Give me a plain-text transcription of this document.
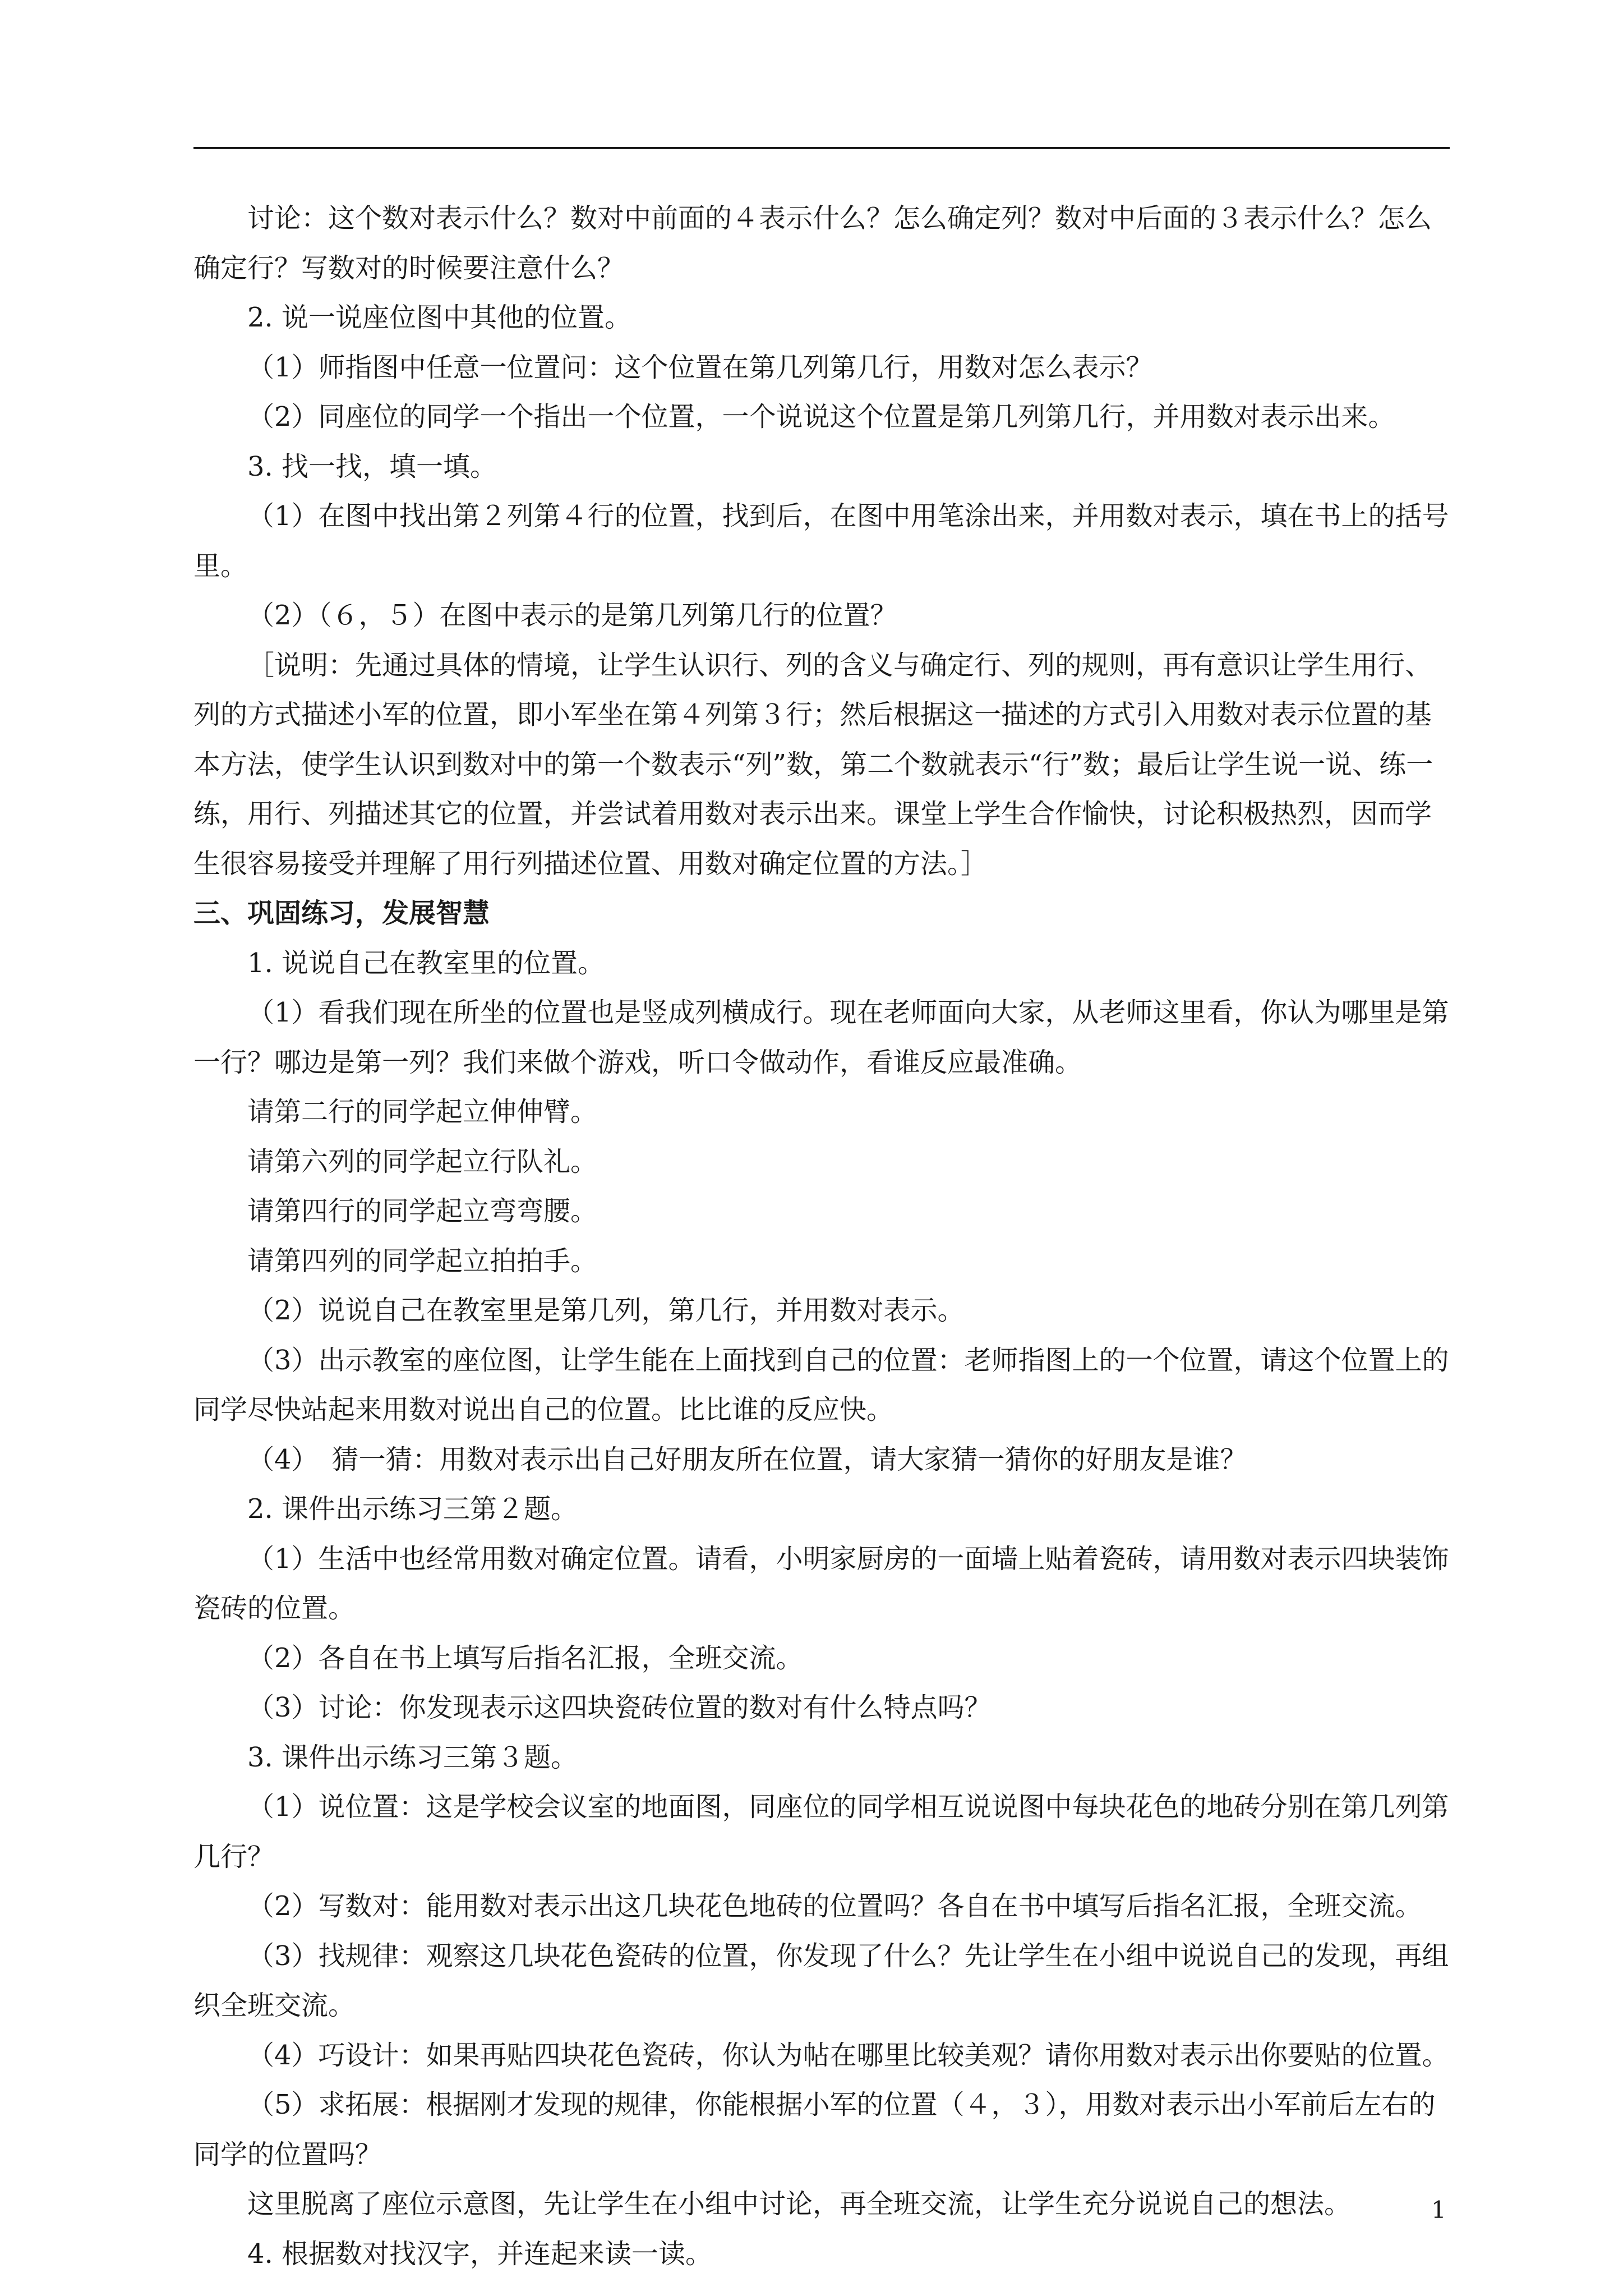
讨论：这个数对表示什么？数对中前面的４表示什么？怎么确定列？数对中后面的３表示什么？怎么确定行？写数对的时候要注意什么？

2. 说一说座位图中其他的位置。

（1）师指图中任意一位置问：这个位置在第几列第几行，用数对怎么表示？

（2）同座位的同学一个指出一个位置，一个说说这个位置是第几列第几行，并用数对表示出来。

3. 找一找，填一填。

（1）在图中找出第２列第４行的位置，找到后，在图中用笔涂出来，并用数对表示，填在书上的括号里。

（2）（６，５）在图中表示的是第几列第几行的位置？

［说明：先通过具体的情境，让学生认识行、列的含义与确定行、列的规则，再有意识让学生用行、列的方式描述小军的位置，即小军坐在第４列第３行；然后根据这一描述的方式引入用数对表示位置的基本方法，使学生认识到数对中的第一个数表示“列”数，第二个数就表示“行”数；最后让学生说一说、练一练，用行、列描述其它的位置，并尝试着用数对表示出来。课堂上学生合作愉快，讨论积极热烈，因而学生很容易接受并理解了用行列描述位置、用数对确定位置的方法。］

三、巩固练习，发展智慧

1. 说说自己在教室里的位置。

（1）看我们现在所坐的位置也是竖成列横成行。现在老师面向大家，从老师这里看，你认为哪里是第一行？哪边是第一列？我们来做个游戏，听口令做动作，看谁反应最准确。

请第二行的同学起立伸伸臂。

请第六列的同学起立行队礼。

请第四行的同学起立弯弯腰。

请第四列的同学起立拍拍手。

（2）说说自己在教室里是第几列，第几行，并用数对表示。

（3）出示教室的座位图，让学生能在上面找到自己的位置：老师指图上的一个位置，请这个位置上的同学尽快站起来用数对说出自己的位置。比比谁的反应快。

（4）　猜一猜：用数对表示出自己好朋友所在位置，请大家猜一猜你的好朋友是谁？

2. 课件出示练习三第２题。

（1）生活中也经常用数对确定位置。请看，小明家厨房的一面墙上贴着瓷砖，请用数对表示四块装饰瓷砖的位置。

（2）各自在书上填写后指名汇报，全班交流。

（3）讨论：你发现表示这四块瓷砖位置的数对有什么特点吗？

3. 课件出示练习三第３题。

（1）说位置：这是学校会议室的地面图，同座位的同学相互说说图中每块花色的地砖分别在第几列第几行？

（2）写数对：能用数对表示出这几块花色地砖的位置吗？各自在书中填写后指名汇报，全班交流。

（3）找规律：观察这几块花色瓷砖的位置，你发现了什么？先让学生在小组中说说自己的发现，再组织全班交流。

（4）巧设计：如果再贴四块花色瓷砖，你认为帖在哪里比较美观？请你用数对表示出你要贴的位置。

（5）求拓展：根据刚才发现的规律，你能根据小军的位置（４，３），用数对表示出小军前后左右的同学的位置吗？

这里脱离了座位示意图，先让学生在小组中讨论，再全班交流，让学生充分说说自己的想法。

4. 根据数对找汉字，并连起来读一读。

1
